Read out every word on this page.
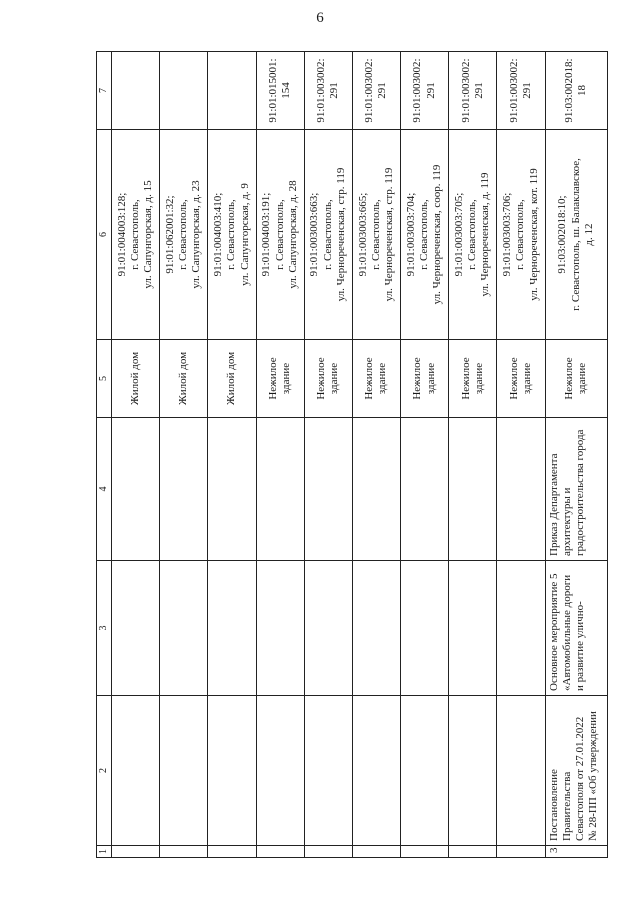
6
1	2	3	4	5	6	7
				Жилой дом	91:01:004003:128;
г. Севастополь,
ул. Сапунгорская, д. 15	
				Жилой дом	91:01:062001:32;
г. Севастополь,
ул. Сапунгорская, д. 23	
				Жилой дом	91:01:004003:410;
г. Севастополь,
ул. Сапунгорская, д. 9	
				Нежилое
здание	91:01:004003:191;
г. Севастополь,
ул. Сапунгорская, д. 28	91:01:015001:
154
				Нежилое
здание	91:01:003003:663;
г. Севастополь,
ул. Чернореченская, стр. 119	91:01:003002:
291
				Нежилое
здание	91:01:003003:665;
г. Севастополь,
ул. Чернореченская, стр. 119	91:01:003002:
291
				Нежилое
здание	91:01:003003:704;
г. Севастополь,
ул. Чернореченская, соор. 119	91:01:003002:
291
				Нежилое
здание	91:01:003003:705;
г. Севастополь,
ул. Чернореченская, д. 119	91:01:003002:
291
				Нежилое
здание	91:01:003003:706;
г. Севастополь,
ул. Чернореченская, кот. 119	91:01:003002:
291
3	Постановление Правительства
Севастополя от 27.01.2022
№ 28-ПП «Об утверждении	Основное мероприятие 5
«Автомобильные дороги
и развитие улично-	Приказ Департамента
архитектуры и
градостроительства города	Нежилое
здание	91:03:002018:10;
г. Севастополь, ш. Балаклавское,
д. 12	91:03:002018:
18
